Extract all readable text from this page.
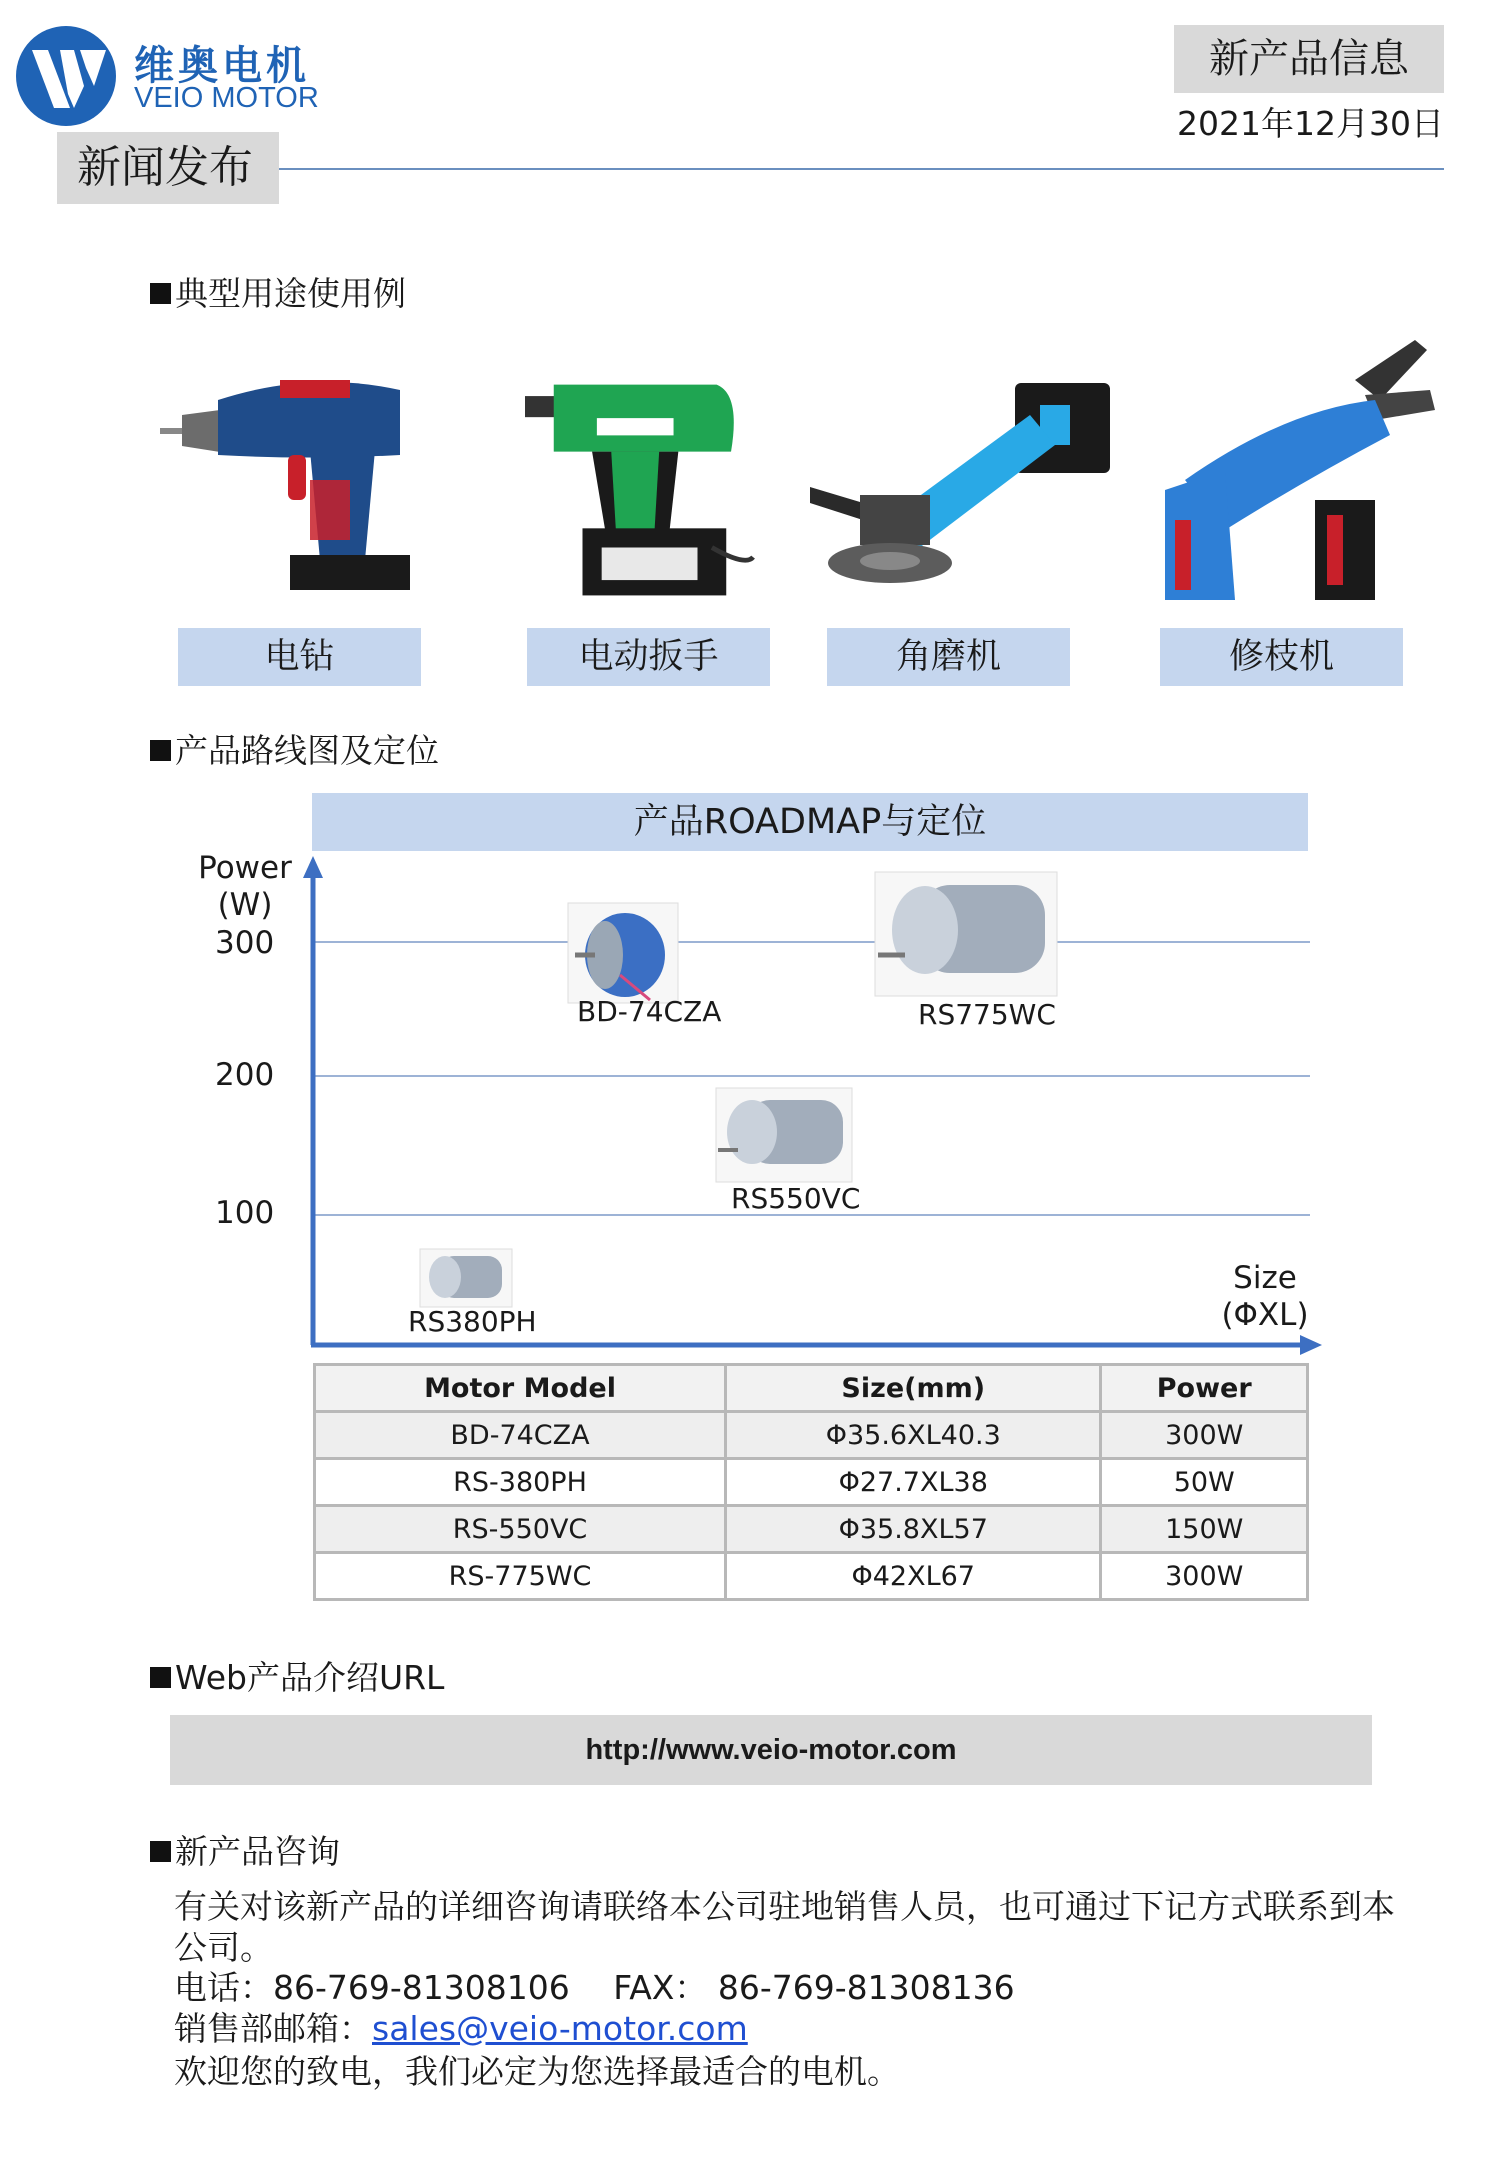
维奥电机
VEIO MOTOR
新闻发布
新产品信息
2021年12月30日
典型用途使用例
电钻	电动扳手	角磨机	修枝机
产品路线图及定位
产品ROADMAP与定位
Power
(W)
300
200
100
Size
(ΦXL)
BD-74CZA	RS775WC
RS550VC
RS380PH
Motor Model	Size(mm)	Power
BD-74CZA	Φ35.6XL40.3	300W
RS-380PH	Φ27.7XL38	50W
RS-550VC	Φ35.8XL57	150W
RS-775WC	Φ42XL67	300W
Web产品介绍URL
http://www.veio-motor.com
新产品咨询
有关对该新产品的详细咨询请联络本公司驻地销售人员，也可通过下记方式联系到本
公司。
电话：86-769-81308106　 FAX： 86-769-81308136
销售部邮箱：sales@veio-motor.com
欢迎您的致电，我们必定为您选择最适合的电机。
